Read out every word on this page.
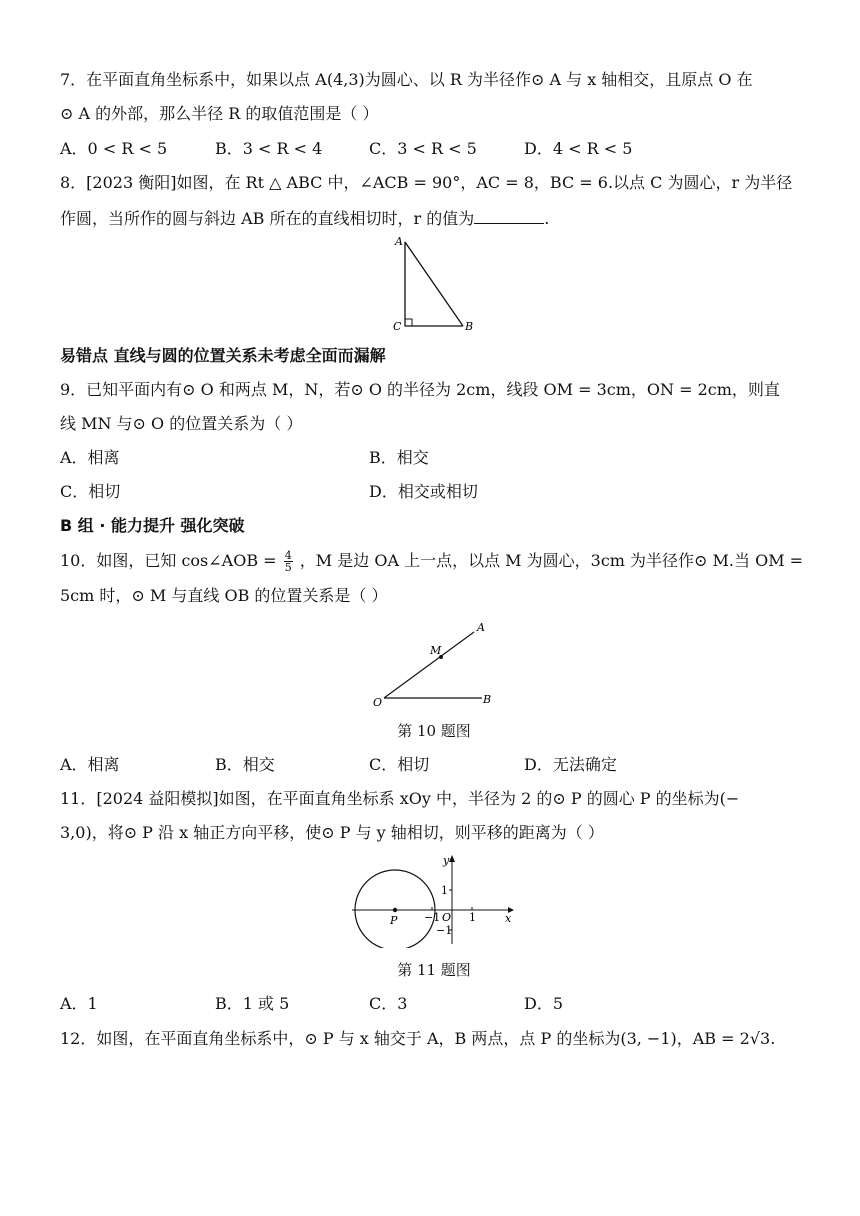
7．在平面直角坐标系中，如果以点 A(4,3)为圆心、以 R 为半径作⊙ A 与 x 轴相交，且原点 O 在
⊙ A 的外部，那么半径 R 的取值范围是（ ）
A．0 < R < 5	B．3 < R < 4	C．3 < R < 5	D．4 < R < 5
8．[2023 衡阳]如图，在 Rt △ ABC 中，∠ACB = 90°，AC = 8，BC = 6.以点 C 为圆心，r 为半径
作圆，当所作的圆与斜边 AB 所在的直线相切时，r 的值为	.
A
C	B
易错点 直线与圆的位置关系未考虑全面而漏解
9．已知平面内有⊙ O 和两点 M，N，若⊙ O 的半径为 2cm，线段 OM = 3cm，ON = 2cm，则直
线 MN 与⊙ O 的位置关系为（ ）
A．相离	B．相交
C．相切	D．相交或相切
B 组 · 能力提升 强化突破
10．如图，已知 cos∠AOB = $\frac{4}{5}$ ，M 是边 OA 上一点，以点 M 为圆心，3cm 为半径作⊙ M.当 OM =
5cm 时，⊙ M 与直线 OB 的位置关系是（ ）
A
M
O	B
第 10 题图
A．相离	B．相交	C．相切	D．无法确定
11．[2024 益阳模拟]如图，在平面直角坐标系 xOy 中，半径为 2 的⊙ P 的圆心 P 的坐标为(−
3,0)，将⊙ P 沿 x 轴正方向平移，使⊙ P 与 y 轴相切，则平移的距离为（ ）
y
x
P	O
1
−1
−1	1
第 11 题图
A．1	B．1 或 5	C．3	D．5
12．如图，在平面直角坐标系中，⊙ P 与 x 轴交于 A，B 两点，点 P 的坐标为(3, −1)，AB = 2√3.
